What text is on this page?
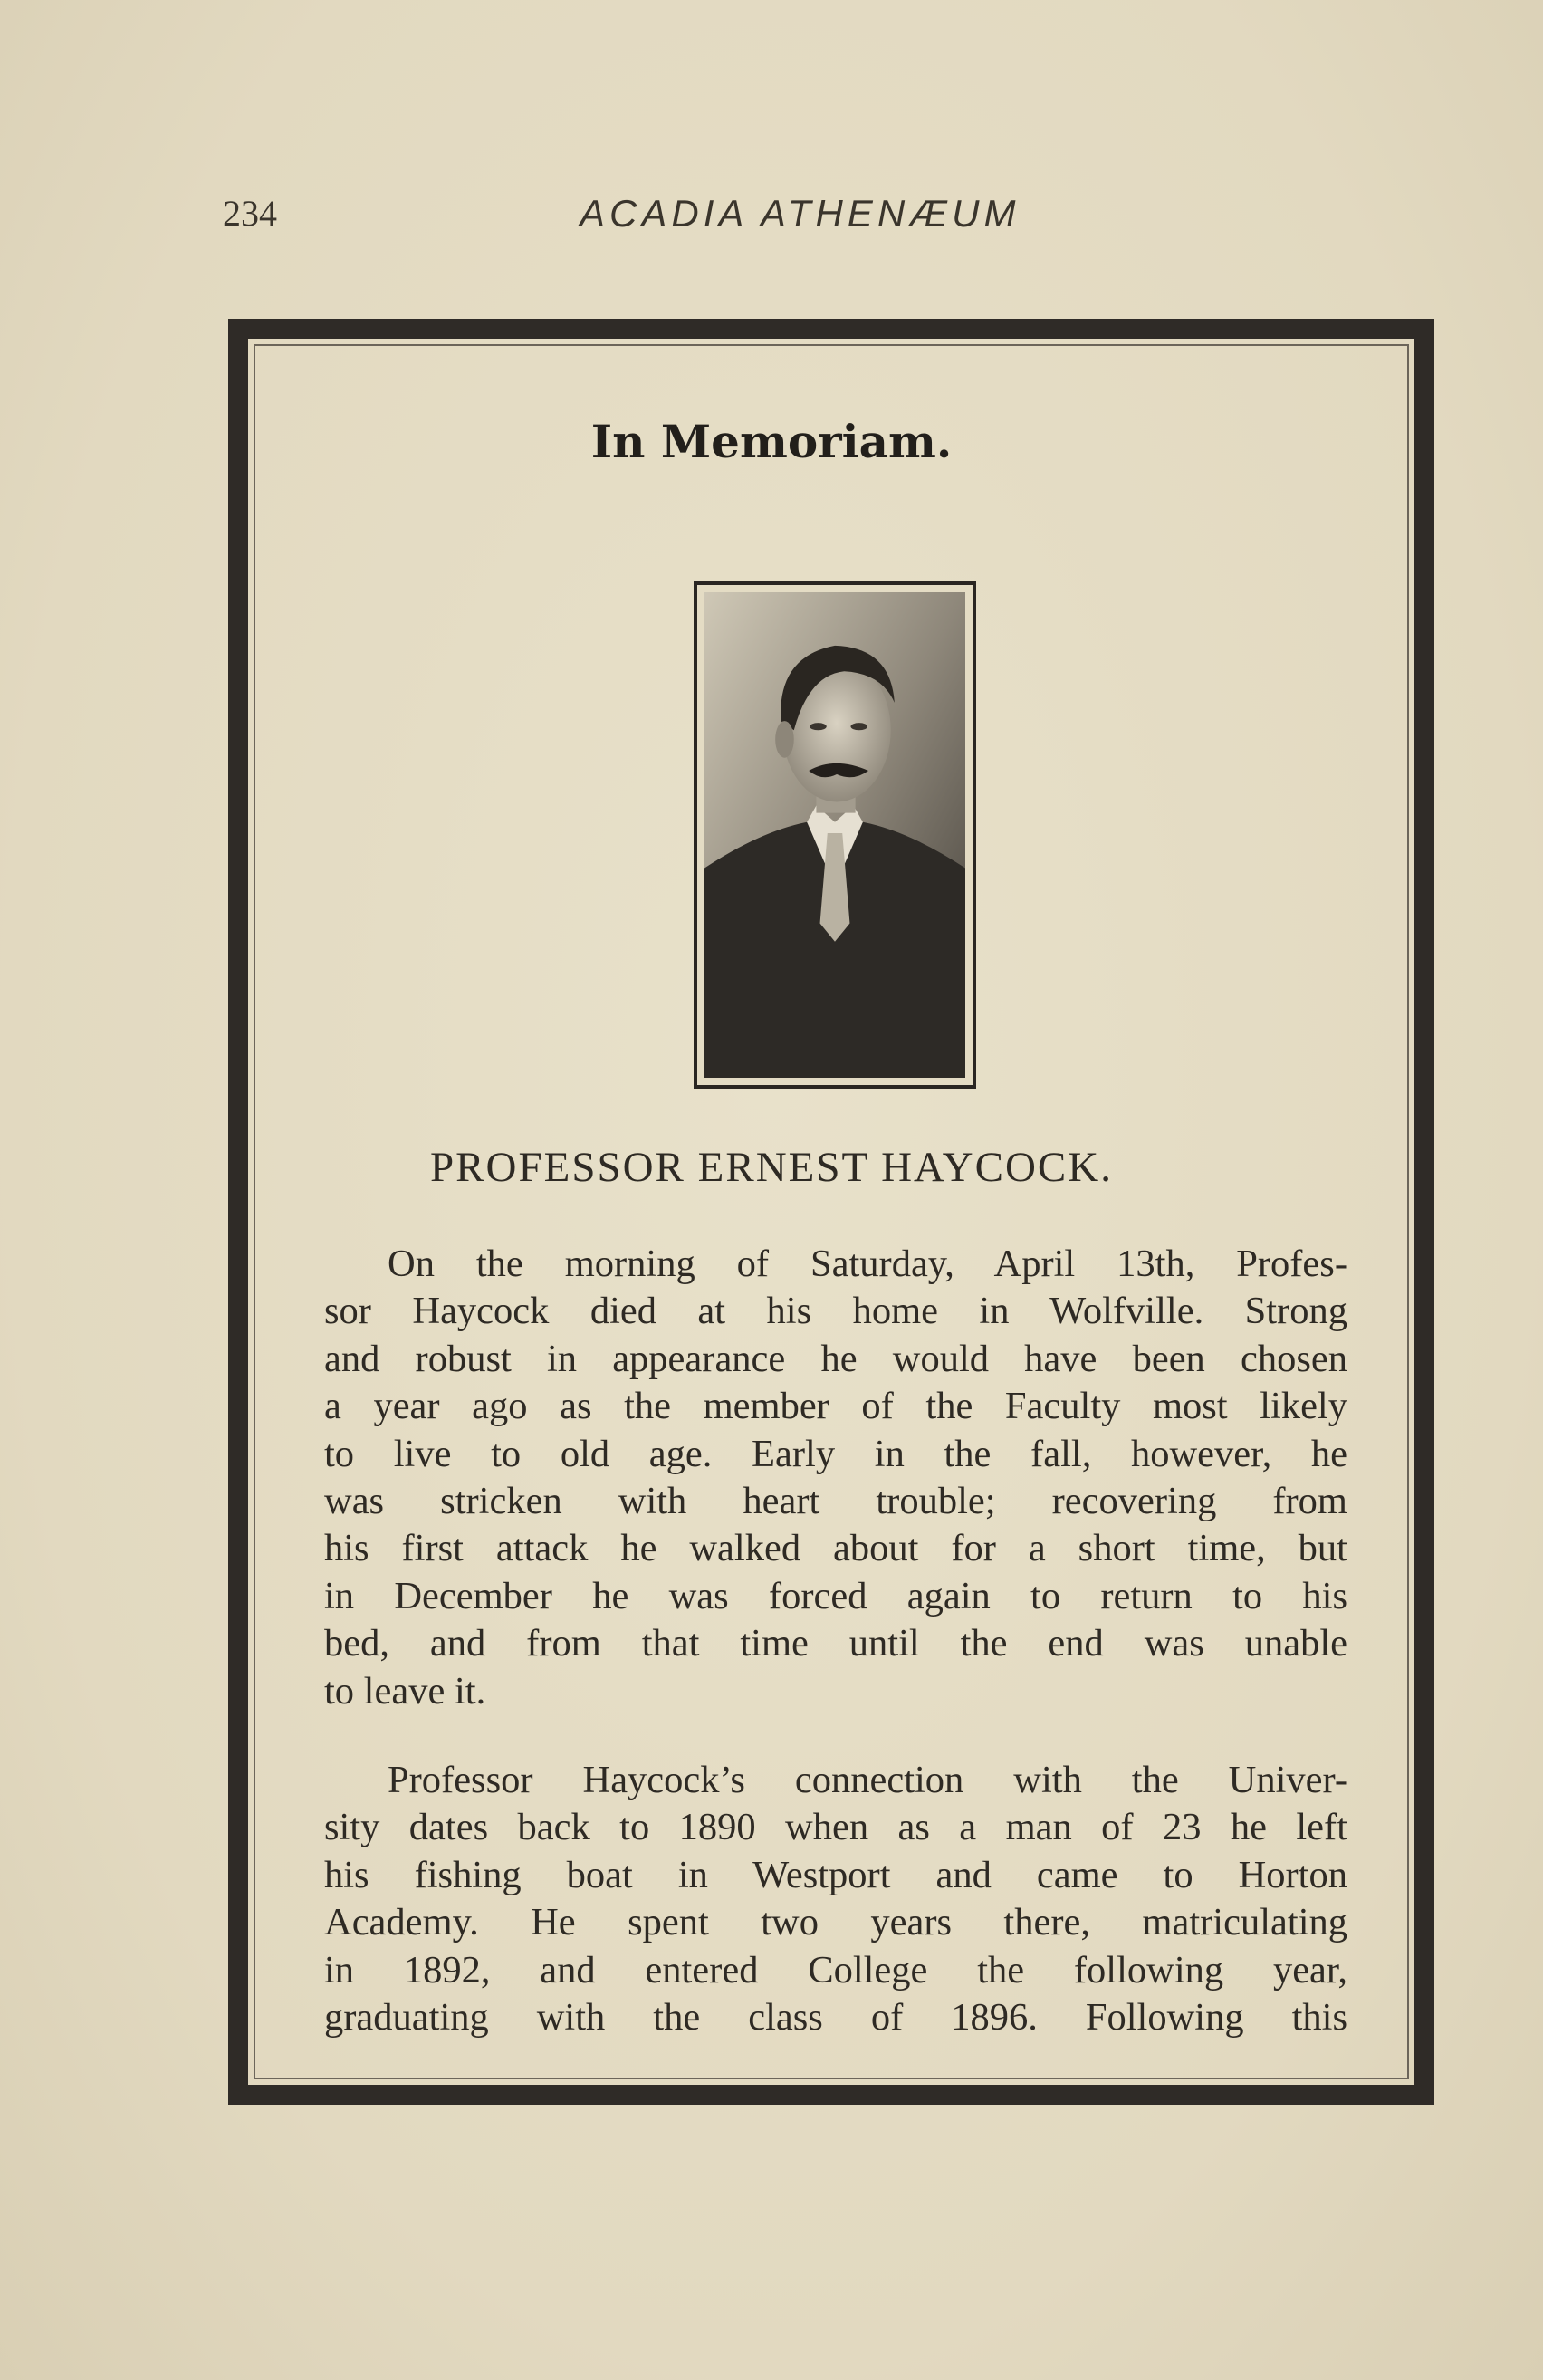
234	ACADIA ATHENÆUM
In Memoriam.
PROFESSOR ERNEST HAYCOCK.

On the morning of Saturday, April 13th, Profes-
sor Haycock died at his home in Wolfville. Strong
and robust in appearance he would have been chosen
a year ago as the member of the Faculty most likely
to live to old age. Early in the fall, however, he
was stricken with heart trouble; recovering from
his first attack he walked about for a short time, but
in December he was forced again to return to his
bed, and from that time until the end was unable
to leave it.

Professor Haycock’s connection with the Univer-
sity dates back to 1890 when as a man of 23 he left
his fishing boat in Westport and came to Horton
Academy. He spent two years there, matriculating
in 1892, and entered College the following year,
graduating with the class of 1896. Following this
